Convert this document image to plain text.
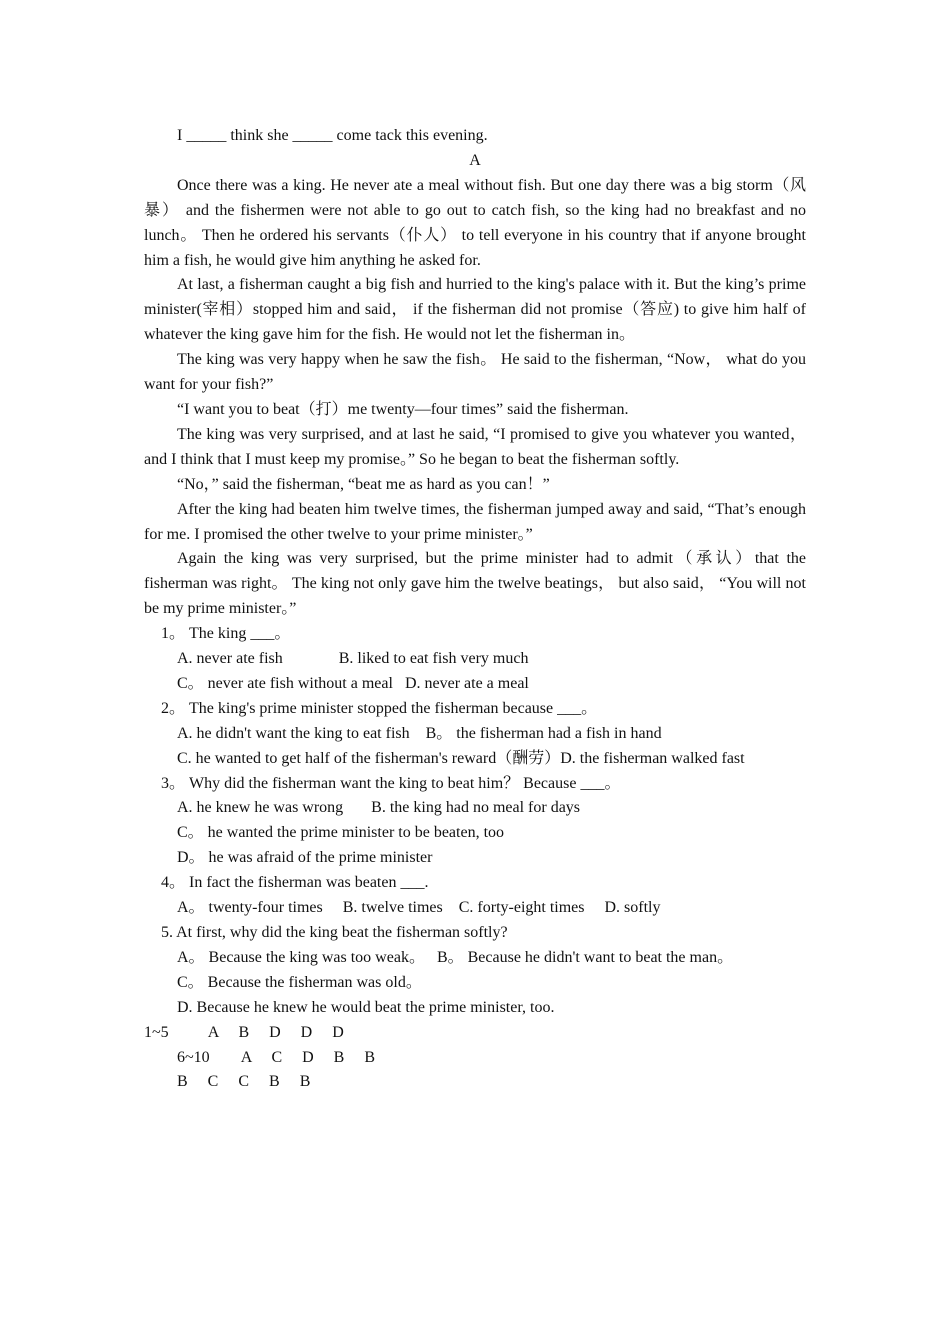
I _____ think she _____ come tack this evening.

A

Once there was a king. He never ate a meal without fish. But one day there was a big storm（风暴） and the fishermen were not able to go out to catch fish, so the king had no breakfast and no lunch。 Then he ordered his servants（仆人） to tell everyone in his country that if anyone brought him a fish, he would give him anything he asked for.

At last, a fisherman caught a big fish and hurried to the king's palace with it. But the king’s prime minister(宰相）stopped him and said， if the fisherman did not promise（答应) to give him half of whatever the king gave him for the fish. He would not let the fisherman in。

The king was very happy when he saw the fish。 He said to the fisherman, “Now， what do you want for your fish?”

“I want you to beat（打）me twenty—four times” said the fisherman.

The king was very surprised, and at last he said, “I promised to give you whatever you wanted， and I think that I must keep my promise。” So he began to beat the fisherman softly.

“No，” said the fisherman, “beat me as hard as you can！”

After the king had beaten him twelve times, the fisherman jumped away and said, “That’s enough for me. I promised the other twelve to your prime minister。”

Again the king was very surprised, but the prime minister had to admit（承认）that the fisherman was right。 The king not only gave him the twelve beatings， but also said， “You will not be my prime minister。”

1。 The king ___。

A. never ate fish              B. liked to eat fish very much

C。 never ate fish without a meal   D. never ate a meal

2。 The king's prime minister stopped the fisherman because ___。

A. he didn't want the king to eat fish    B。 the fisherman had a fish in hand

C. he wanted to get half of the fisherman's reward（酬劳）D. the fisherman walked fast

3。 Why did the fisherman want the king to beat him？ Because ___。

A. he knew he was wrong       B. the king had no meal for days

C。 he wanted the prime minister to be beaten, too

D。 he was afraid of the prime minister

4。 In fact the fisherman was beaten ___.

A。 twenty-four times     B. twelve times    C. forty-eight times     D. softly

5. At first, why did the king beat the fisherman softly?

A。 Because the king was too weak。   B。 Because he didn't want to beat the man。

C。 Because the fisherman was old。

D. Because he knew he would beat the prime minister, too.

1~5          A     B     D     D     D

6~10        A     C     D     B     B

B     C     C     B     B
